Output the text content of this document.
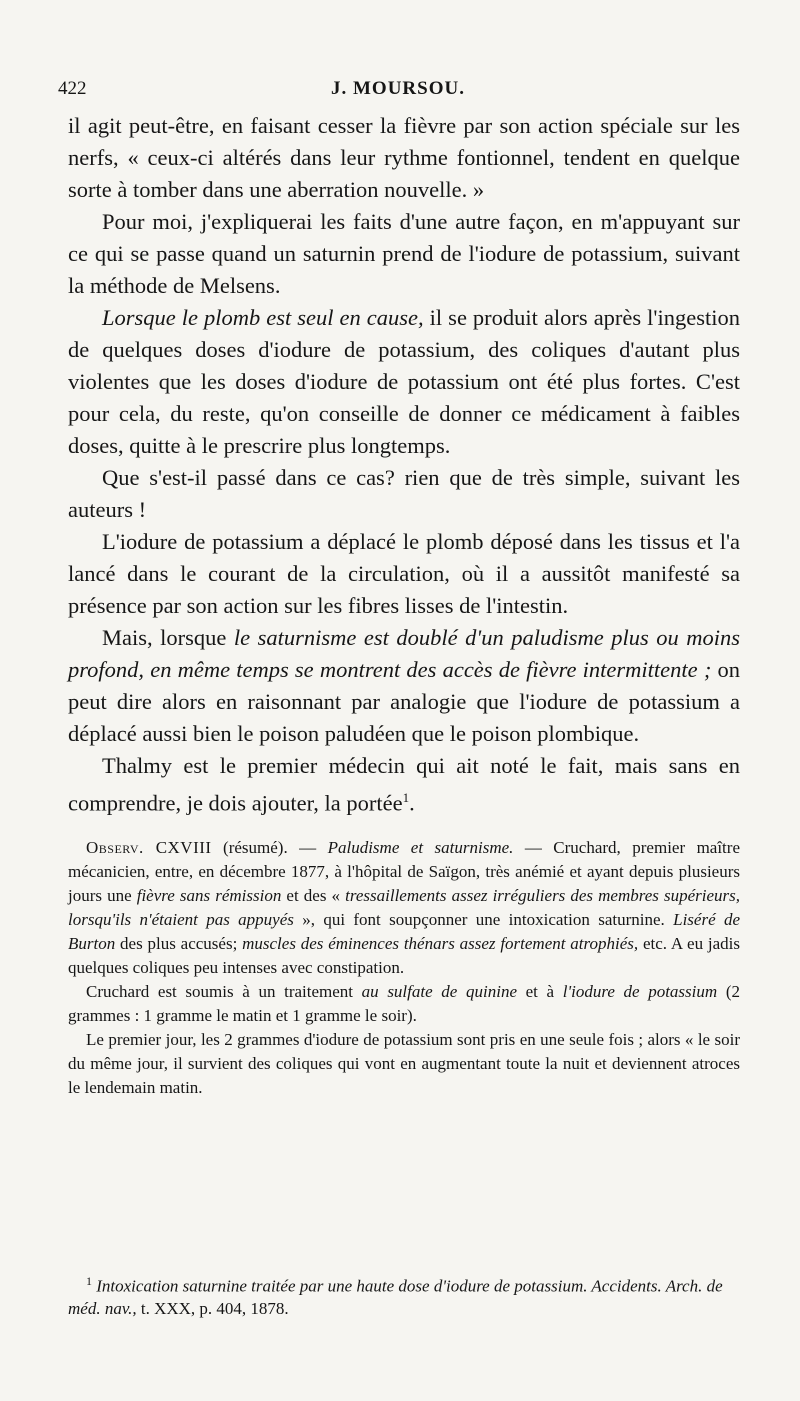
422	J. MOURSOU.

il agit peut-être, en faisant cesser la fièvre par son action spéciale sur les nerfs, « ceux-ci altérés dans leur rythme fontionnel, tendent en quelque sorte à tomber dans une aberration nouvelle. »

Pour moi, j'expliquerai les faits d'une autre façon, en m'appuyant sur ce qui se passe quand un saturnin prend de l'iodure de potassium, suivant la méthode de Melsens.

Lorsque le plomb est seul en cause, il se produit alors après l'ingestion de quelques doses d'iodure de potassium, des coliques d'autant plus violentes que les doses d'iodure de potassium ont été plus fortes. C'est pour cela, du reste, qu'on conseille de donner ce médicament à faibles doses, quitte à le prescrire plus longtemps.

Que s'est-il passé dans ce cas? rien que de très simple, suivant les auteurs !

L'iodure de potassium a déplacé le plomb déposé dans les tissus et l'a lancé dans le courant de la circulation, où il a aussitôt manifesté sa présence par son action sur les fibres lisses de l'intestin.

Mais, lorsque le saturnisme est doublé d'un paludisme plus ou moins profond, en même temps se montrent des accès de fièvre intermittente ; on peut dire alors en raisonnant par analogie que l'iodure de potassium a déplacé aussi bien le poison paludéen que le poison plombique.

Thalmy est le premier médecin qui ait noté le fait, mais sans en comprendre, je dois ajouter, la portée$^1$.

Observ. CXVIII (résumé). — Paludisme et saturnisme. — Cruchard, premier maître mécanicien, entre, en décembre 1877, à l'hôpital de Saïgon, très anémié et ayant depuis plusieurs jours une fièvre sans rémission et des « tressaillements assez irréguliers des membres supérieurs, lorsqu'ils n'étaient pas appuyés », qui font soupçonner une intoxication saturnine. Liséré de Burton des plus accusés; muscles des éminences thénars assez fortement atrophiés, etc. A eu jadis quelques coliques peu intenses avec constipation.

Cruchard est soumis à un traitement au sulfate de quinine et à l'iodure de potassium (2 grammes : 1 gramme le matin et 1 gramme le soir).

Le premier jour, les 2 grammes d'iodure de potassium sont pris en une seule fois ; alors « le soir du même jour, il survient des coliques qui vont en augmentant toute la nuit et deviennent atroces le lendemain matin.

$^1$ Intoxication saturnine traitée par une haute dose d'iodure de potassium. Accidents. Arch. de méd. nav., t. XXX, p. 404, 1878.
